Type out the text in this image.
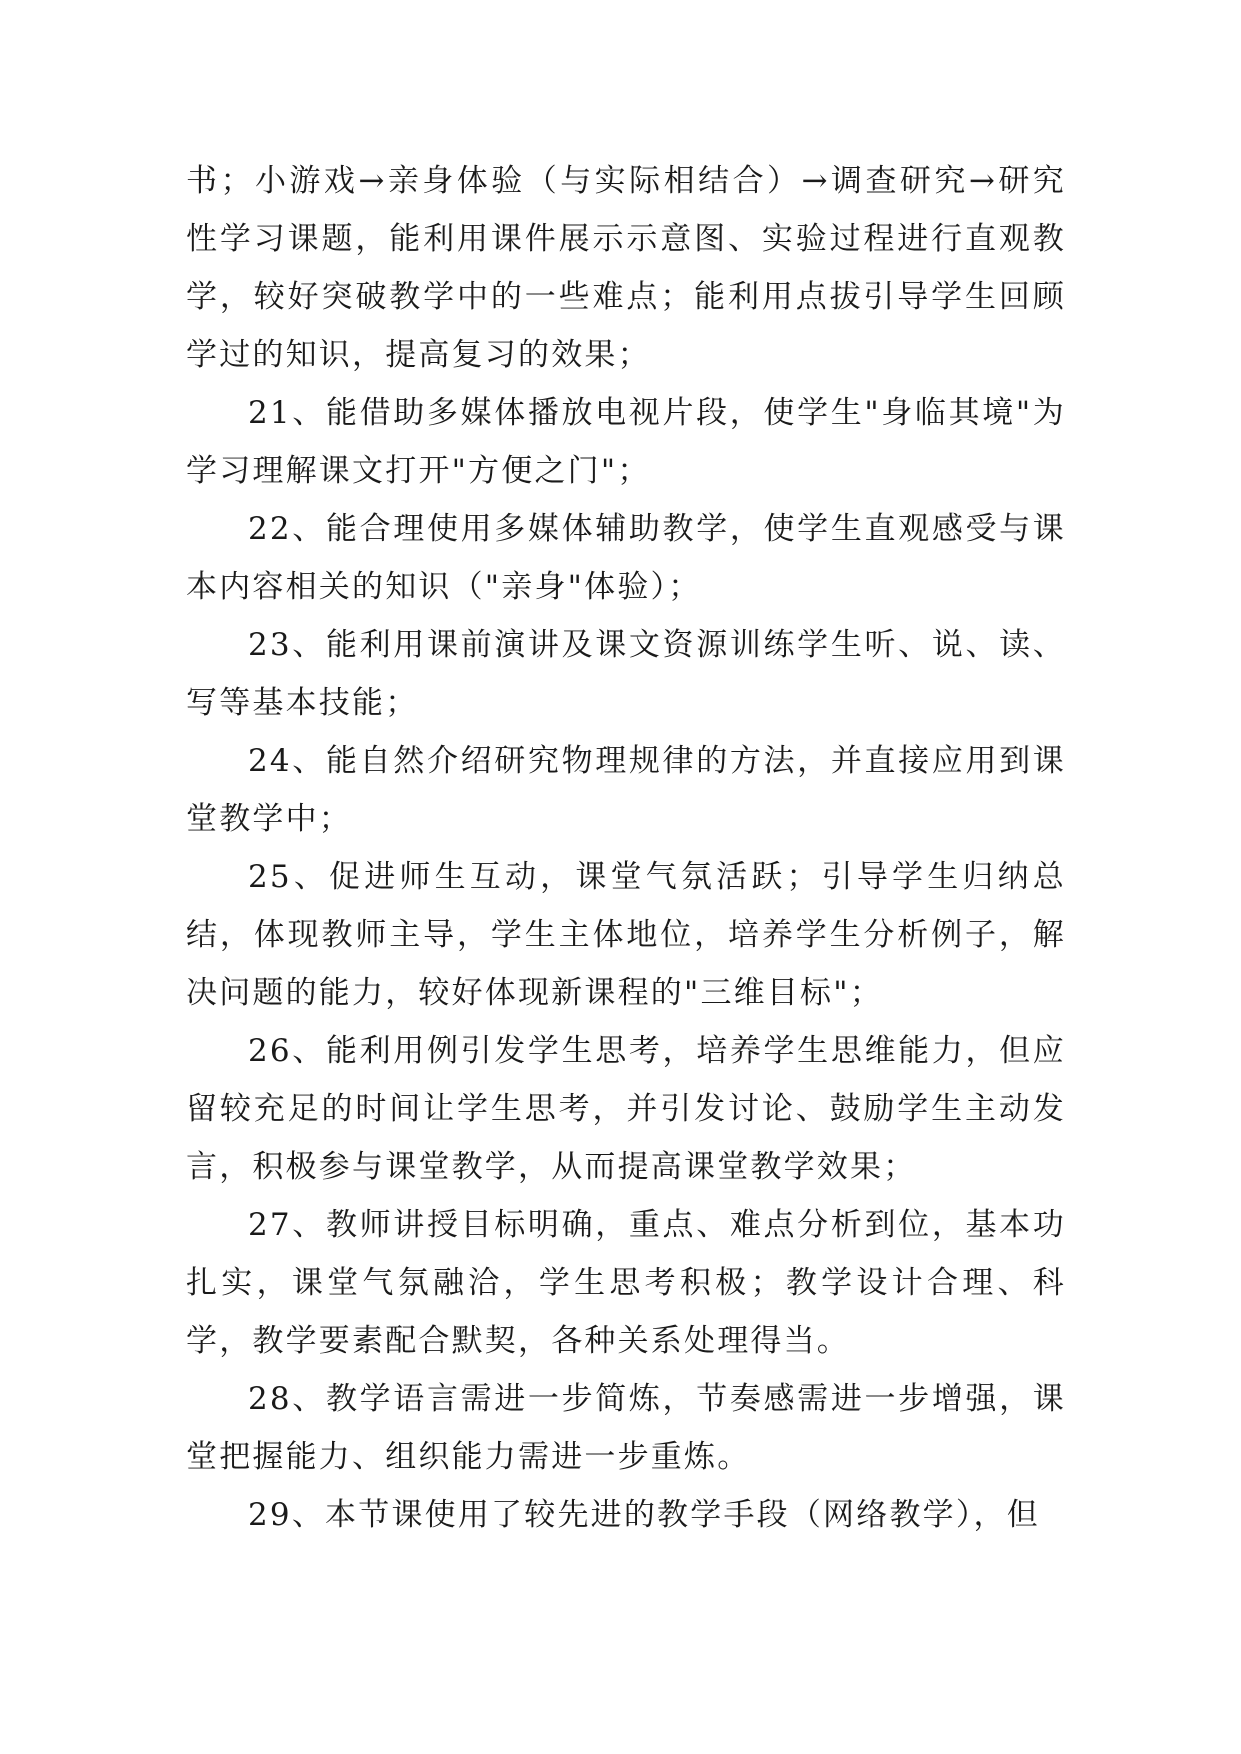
书；小游戏→亲身体验（与实际相结合）→调查研究→研究性学习课题，能利用课件展示示意图、实验过程进行直观教学，较好突破教学中的一些难点；能利用点拔引导学生回顾学过的知识，提高复习的效果；

21、能借助多媒体播放电视片段，使学生"身临其境"为学习理解课文打开"方便之门"；

22、能合理使用多媒体辅助教学，使学生直观感受与课本内容相关的知识（"亲身"体验）；

23、能利用课前演讲及课文资源训练学生听、说、读、写等基本技能；

24、能自然介绍研究物理规律的方法，并直接应用到课堂教学中；

25、促进师生互动，课堂气氛活跃；引导学生归纳总结，体现教师主导，学生主体地位，培养学生分析例子，解决问题的能力，较好体现新课程的"三维目标"；

26、能利用例引发学生思考，培养学生思维能力，但应留较充足的时间让学生思考，并引发讨论、鼓励学生主动发言，积极参与课堂教学，从而提高课堂教学效果；

27、教师讲授目标明确，重点、难点分析到位，基本功扎实，课堂气氛融洽，学生思考积极；教学设计合理、科学，教学要素配合默契，各种关系处理得当。

28、教学语言需进一步简炼，节奏感需进一步增强，课堂把握能力、组织能力需进一步重炼。

29、本节课使用了较先进的教学手段（网络教学），但
